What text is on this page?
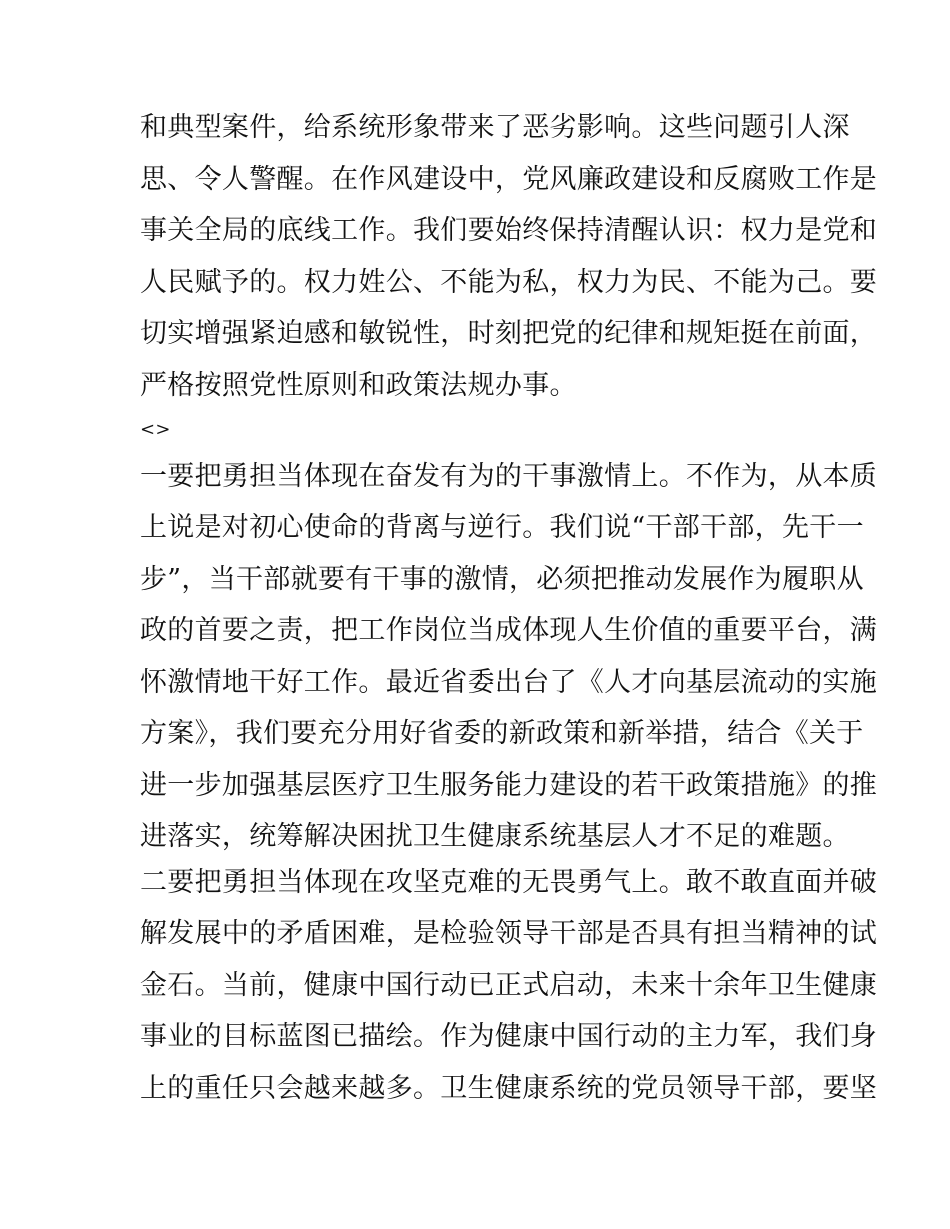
和典型案件，给系统形象带来了恶劣影响。这些问题引人深
思、令人警醒。在作风建设中，党风廉政建设和反腐败工作是
事关全局的底线工作。我们要始终保持清醒认识：权力是党和
人民赋予的。权力姓公、不能为私，权力为民、不能为己。要
切实增强紧迫感和敏锐性，时刻把党的纪律和规矩挺在前面，
严格按照党性原则和政策法规办事。
<>
一要把勇担当体现在奋发有为的干事激情上。不作为，从本质
上说是对初心使命的背离与逆行。我们说“干部干部，先干一
步”，当干部就要有干事的激情，必须把推动发展作为履职从
政的首要之责，把工作岗位当成体现人生价值的重要平台，满
怀激情地干好工作。最近省委出台了《人才向基层流动的实施
方案》，我们要充分用好省委的新政策和新举措，结合《关于
进一步加强基层医疗卫生服务能力建设的若干政策措施》的推
进落实，统筹解决困扰卫生健康系统基层人才不足的难题。
二要把勇担当体现在攻坚克难的无畏勇气上。敢不敢直面并破
解发展中的矛盾困难，是检验领导干部是否具有担当精神的试
金石。当前，健康中国行动已正式启动，未来十余年卫生健康
事业的目标蓝图已描绘。作为健康中国行动的主力军，我们身
上的重任只会越来越多。卫生健康系统的党员领导干部，要坚
